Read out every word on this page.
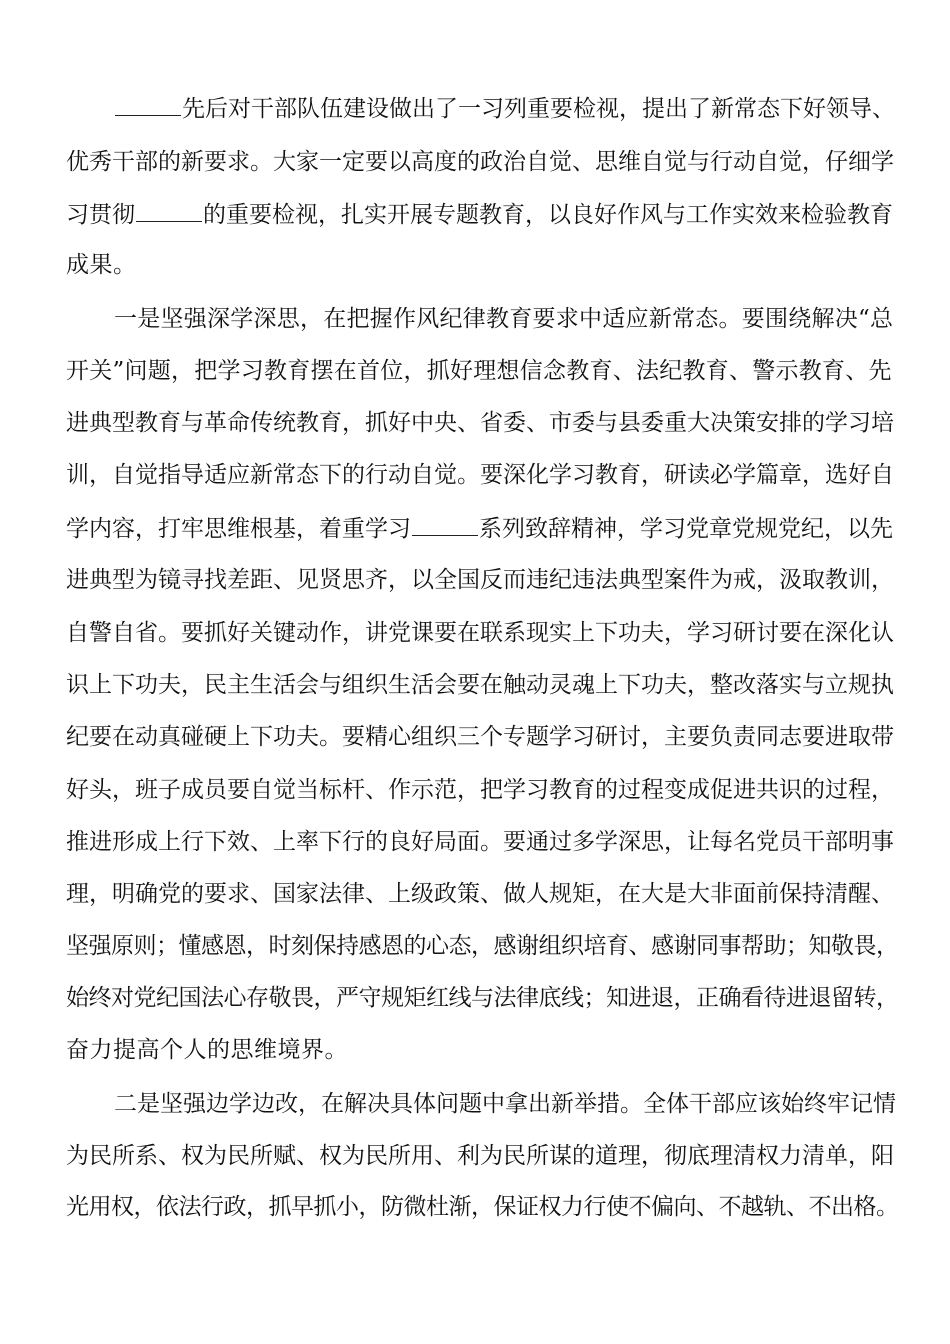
先后对干部队伍建设做出了一习列重要检视，提出了新常态下好领导、
优秀干部的新要求。大家一定要以高度的政治自觉、思维自觉与行动自觉，仔细学
习贯彻	的重要检视，扎实开展专题教育，以良好作风与工作实效来检验教育
成果。
一是坚强深学深思，在把握作风纪律教育要求中适应新常态。要围绕解决“总
开关”问题，把学习教育摆在首位，抓好理想信念教育、法纪教育、警示教育、先
进典型教育与革命传统教育，抓好中央、省委、市委与县委重大决策安排的学习培
训，自觉指导适应新常态下的行动自觉。要深化学习教育，研读必学篇章，选好自
学内容，打牢思维根基，着重学习	系列致辞精神，学习党章党规党纪，以先
进典型为镜寻找差距、见贤思齐，以全国反而违纪违法典型案件为戒，汲取教训，
自警自省。要抓好关键动作，讲党课要在联系现实上下功夫，学习研讨要在深化认
识上下功夫，民主生活会与组织生活会要在触动灵魂上下功夫，整改落实与立规执
纪要在动真碰硬上下功夫。要精心组织三个专题学习研讨，主要负责同志要进取带
好头，班子成员要自觉当标杆、作示范，把学习教育的过程变成促进共识的过程，
推进形成上行下效、上率下行的良好局面。要通过多学深思，让每名党员干部明事
理，明确党的要求、国家法律、上级政策、做人规矩，在大是大非面前保持清醒、
坚强原则；懂感恩，时刻保持感恩的心态，感谢组织培育、感谢同事帮助；知敬畏，
始终对党纪国法心存敬畏，严守规矩红线与法律底线；知进退，正确看待进退留转，
奋力提高个人的思维境界。
二是坚强边学边改，在解决具体问题中拿出新举措。全体干部应该始终牢记情
为民所系、权为民所赋、权为民所用、利为民所谋的道理，彻底理清权力清单，阳
光用权，依法行政，抓早抓小，防微杜渐，保证权力行使不偏向、不越轨、不出格。
